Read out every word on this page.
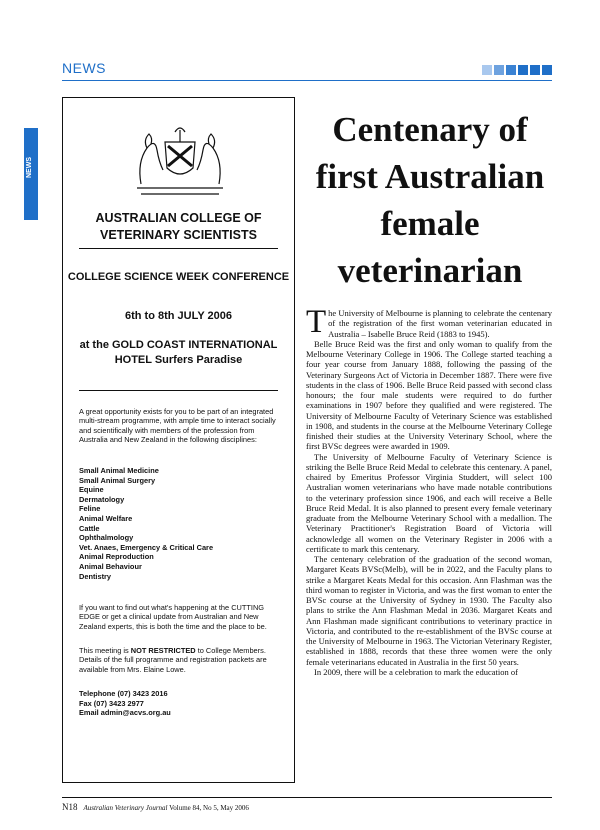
NEWS
NEWS
AUSTRALIAN COLLEGE OF VETERINARY SCIENTISTS
COLLEGE SCIENCE WEEK CONFERENCE
6th to 8th JULY 2006
at the GOLD COAST INTERNATIONAL HOTEL Surfers Paradise
A great opportunity exists for you to be part of an integrated multi-stream programme, with ample time to interact socially and scientifically with members of the profession from Australia and New Zealand in the following disciplines:
Small Animal Medicine
Small Animal Surgery
Equine
Dermatology
Feline
Animal Welfare
Cattle
Ophthalmology
Vet. Anaes, Emergency & Critical Care
Animal Reproduction
Animal Behaviour
Dentistry
If you want to find out what's happening at the CUTTING EDGE or get a clinical update from Australian and New Zealand experts, this is both the time and the place to be.
This meeting is NOT RESTRICTED to College Members. Details of the full programme and registration packets are available from Mrs. Elaine Lowe.
Telephone (07) 3423 2016
Fax (07) 3423 2977
Email admin@acvs.org.au
Centenary of first Australian female veterinarian

The University of Melbourne is planning to celebrate the centenary of the registration of the first woman veterinarian educated in Australia – Isabelle Bruce Reid (1883 to 1945).

Belle Bruce Reid was the first and only woman to qualify from the Melbourne Veterinary College in 1906. The College started teaching a four year course from January 1888, following the passing of the Veterinary Surgeons Act of Victoria in December 1887. There were five students in the class of 1906. Belle Bruce Reid passed with second class honours; the four male students were required to do further examinations in 1907 before they qualified and were registered. The University of Melbourne Faculty of Veterinary Science was established in 1908, and students in the course at the Melbourne Veterinary College finished their studies at the University Veterinary School, where the first BVSc degrees were awarded in 1909.

The University of Melbourne Faculty of Veterinary Science is striking the Belle Bruce Reid Medal to celebrate this centenary. A panel, chaired by Emeritus Professor Virginia Studdert, will select 100 Australian women veterinarians who have made notable contributions to the veterinary profession since 1906, and each will receive a Belle Bruce Reid Medal. It is also planned to present every female veterinary graduate from the Melbourne Veterinary School with a medallion. The Veterinary Practitioner's Registration Board of Victoria will acknowledge all women on the Veterinary Register in 2006 with a certificate to mark this centenary.

The centenary celebration of the graduation of the second woman, Margaret Keats BVSc(Melb), will be in 2022, and the Faculty plans to strike a Margaret Keats Medal for this occasion. Ann Flashman was the third woman to register in Victoria, and was the first woman to enter the BVSc course at the University of Sydney in 1930. The Faculty also plans to strike the Ann Flashman Medal in 2036. Margaret Keats and Ann Flashman made significant contributions to veterinary practice in Victoria, and contributed to the re-establishment of the BVSc course at the University of Melbourne in 1963. The Victorian Veterinary Register, established in 1888, records that these three women were the only female veterinarians educated in Australia in the first 50 years.

In 2009, there will be a celebration to mark the education of

N18 Australian Veterinary Journal Volume 84, No 5, May 2006
